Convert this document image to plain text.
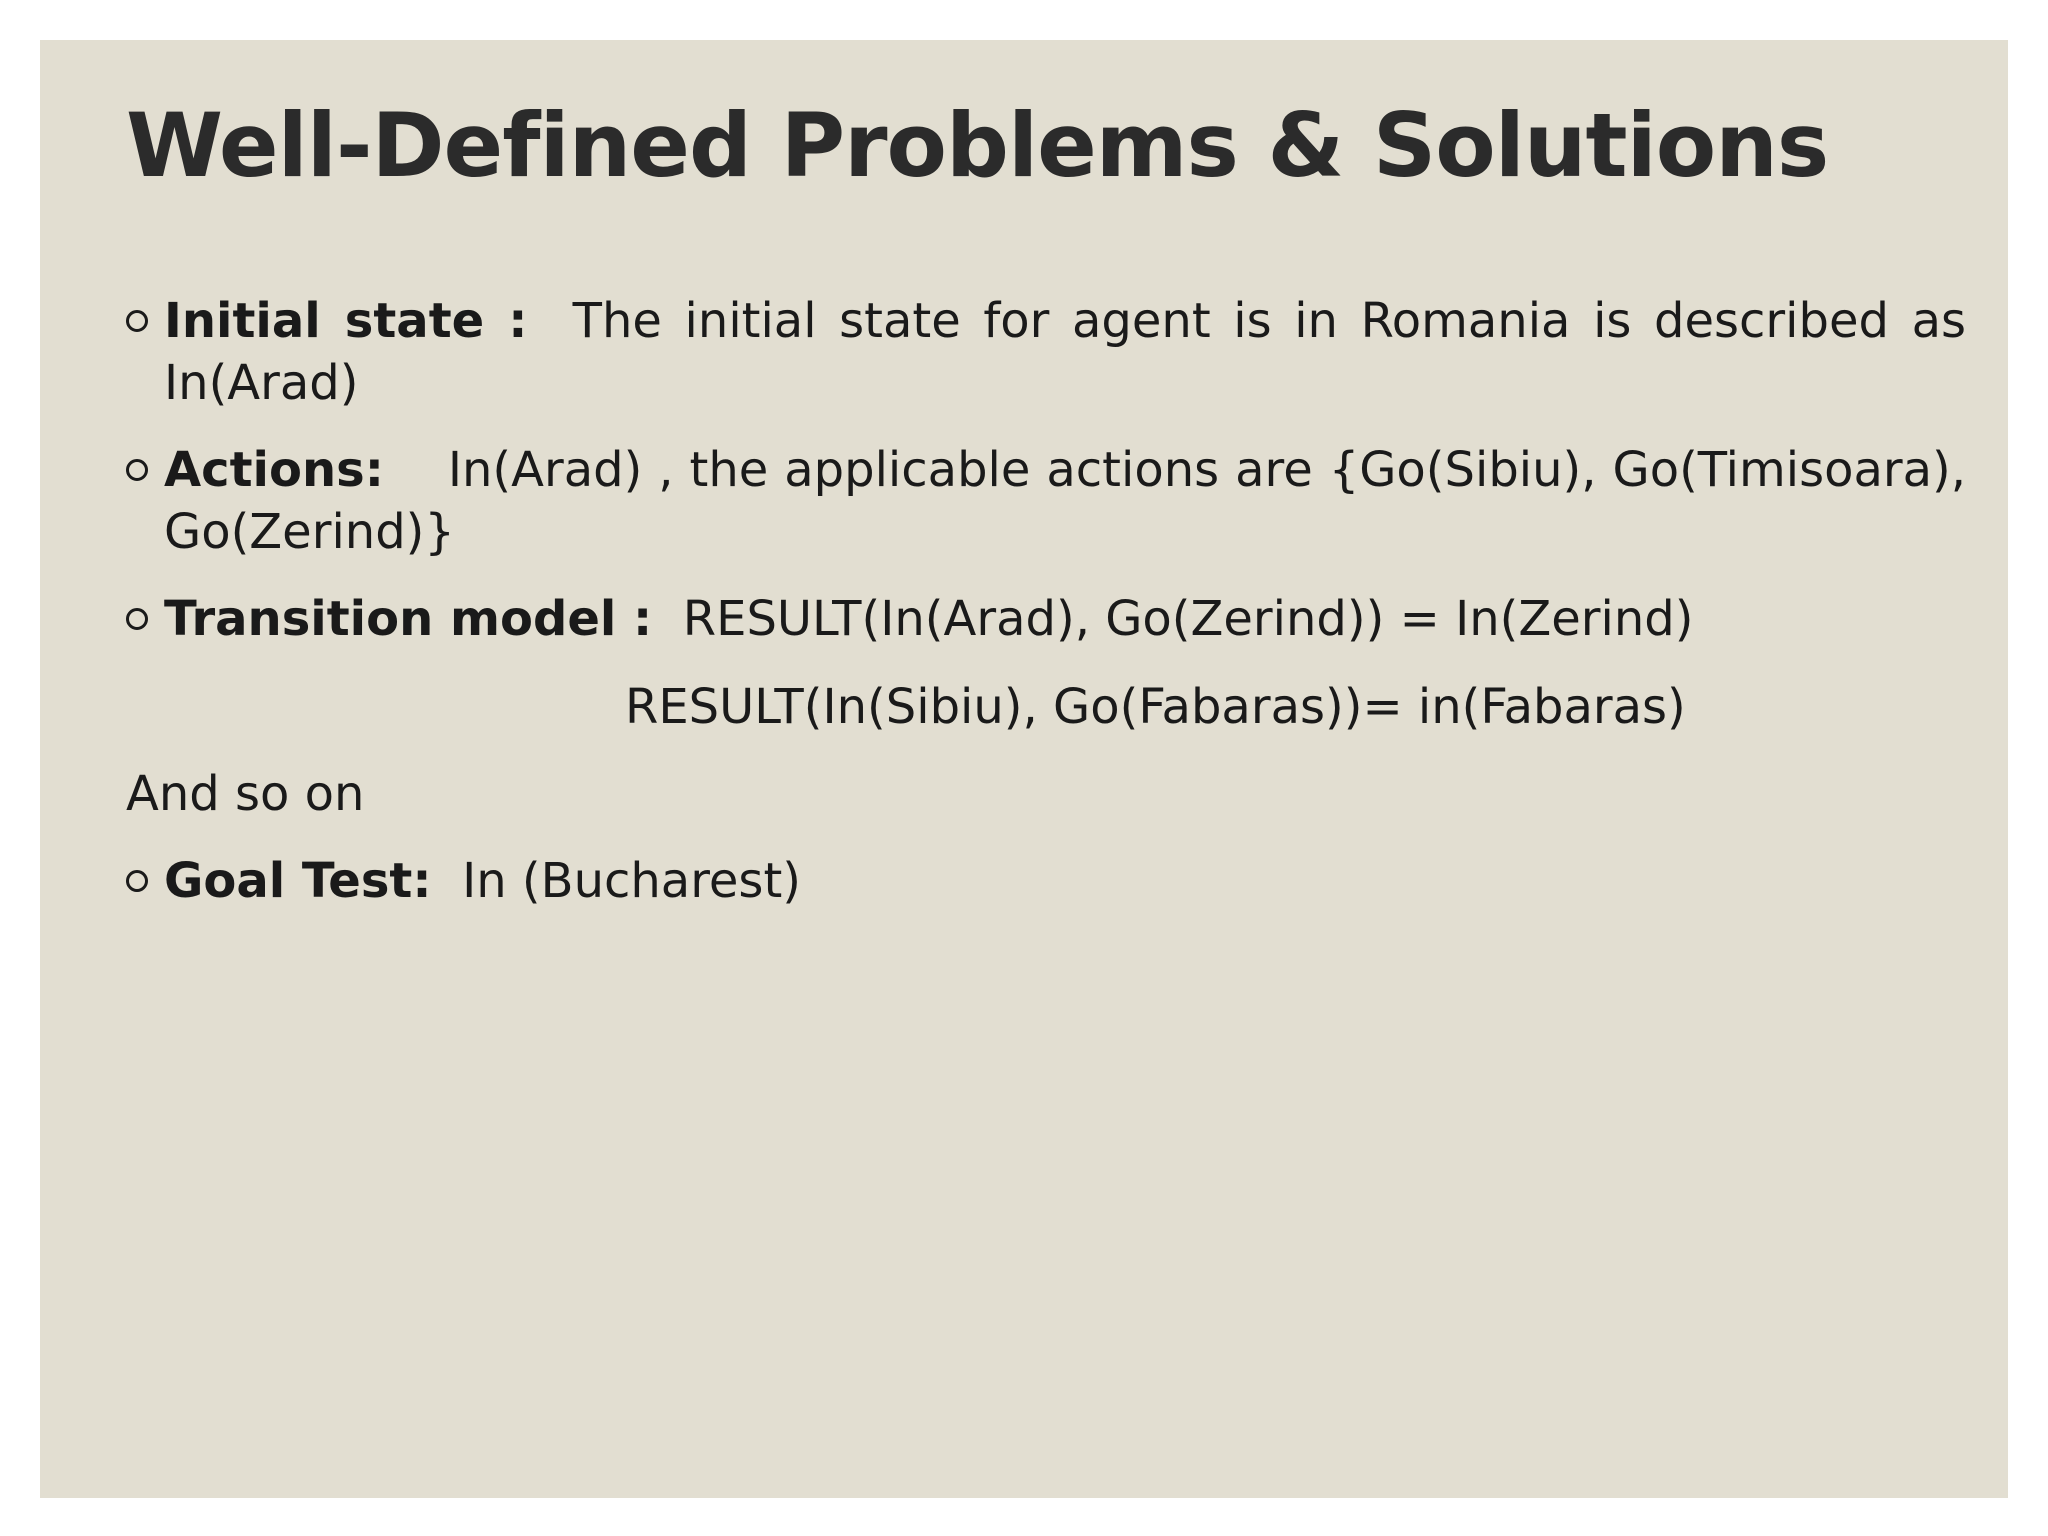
Well-Defined Problems & Solutions
Initial state : The initial state for agent is in Romania is described as In(Arad)
Actions: In(Arad) , the applicable actions are {Go(Sibiu), Go(Timisoara), Go(Zerind)}
Transition model : RESULT(In(Arad), Go(Zerind)) = In(Zerind)
RESULT(In(Sibiu), Go(Fabaras))= in(Fabaras)
And so on
Goal Test: In (Bucharest)
